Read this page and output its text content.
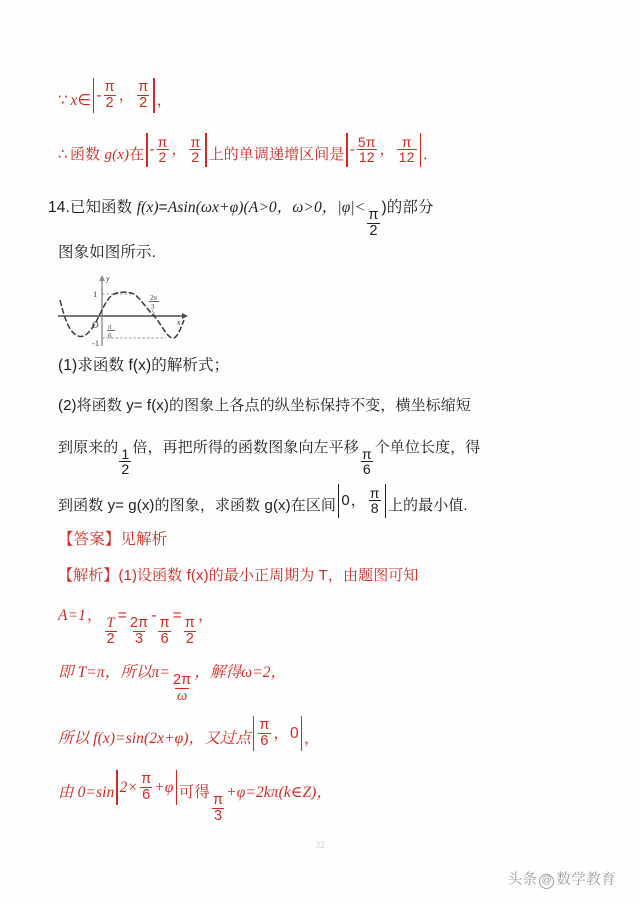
∵ x∈ - $\frac{\pi}{2}$ ， $\frac{\pi}{2}$ ，
∴ 函数 g(x)在 - $\frac{\pi}{2}$ ， $\frac{\pi}{2}$ 上的单调递增区间是 - $\frac{5\pi}{12}$ ， $\frac{\pi}{12}$ ．
14.已知函数 f(x)=Asin(ωx+φ)(A>0，ω>0，|φ|<
$\frac{\pi}{2}$
)的部分
图象如图所示.
y
x
O
1
-1
π
6
2π
3
(1)求函数 f(x)的解析式；
(2)将函数 y= f(x)的图象上各点的纵坐标保持不变，横坐标缩短
到原来的 $\frac{1}{2}$ 倍，再把所得的函数图象向左平移 $\frac{\pi}{6}$ 个单位长度，得
到函数 y= g(x)的图象，求函数 g(x)在区间 0 ， $\frac{\pi}{8}$ 上的最小值.
【答案】见解析
【解析】(1)设函数 f(x)的最小正周期为 T，由题图可知
A=1，
$\frac{T}{2}$
=
$\frac{2\pi}{3}$
-
$\frac{\pi}{6}$
=
$\frac{\pi}{2}$
，
即 T=π，所以π=
$\frac{2\pi}{\omega}$
，解得ω=2，
所以 f(x)=sin(2x+φ)，又过点 $\frac{\pi}{6}$ ， 0 ，
由 0=sin $2\times \frac{\pi}{6} +\varphi$ 可得
$\frac{\pi}{3}$
+φ=2kπ(k∈Z)，
32
头条 @ 数学教育
